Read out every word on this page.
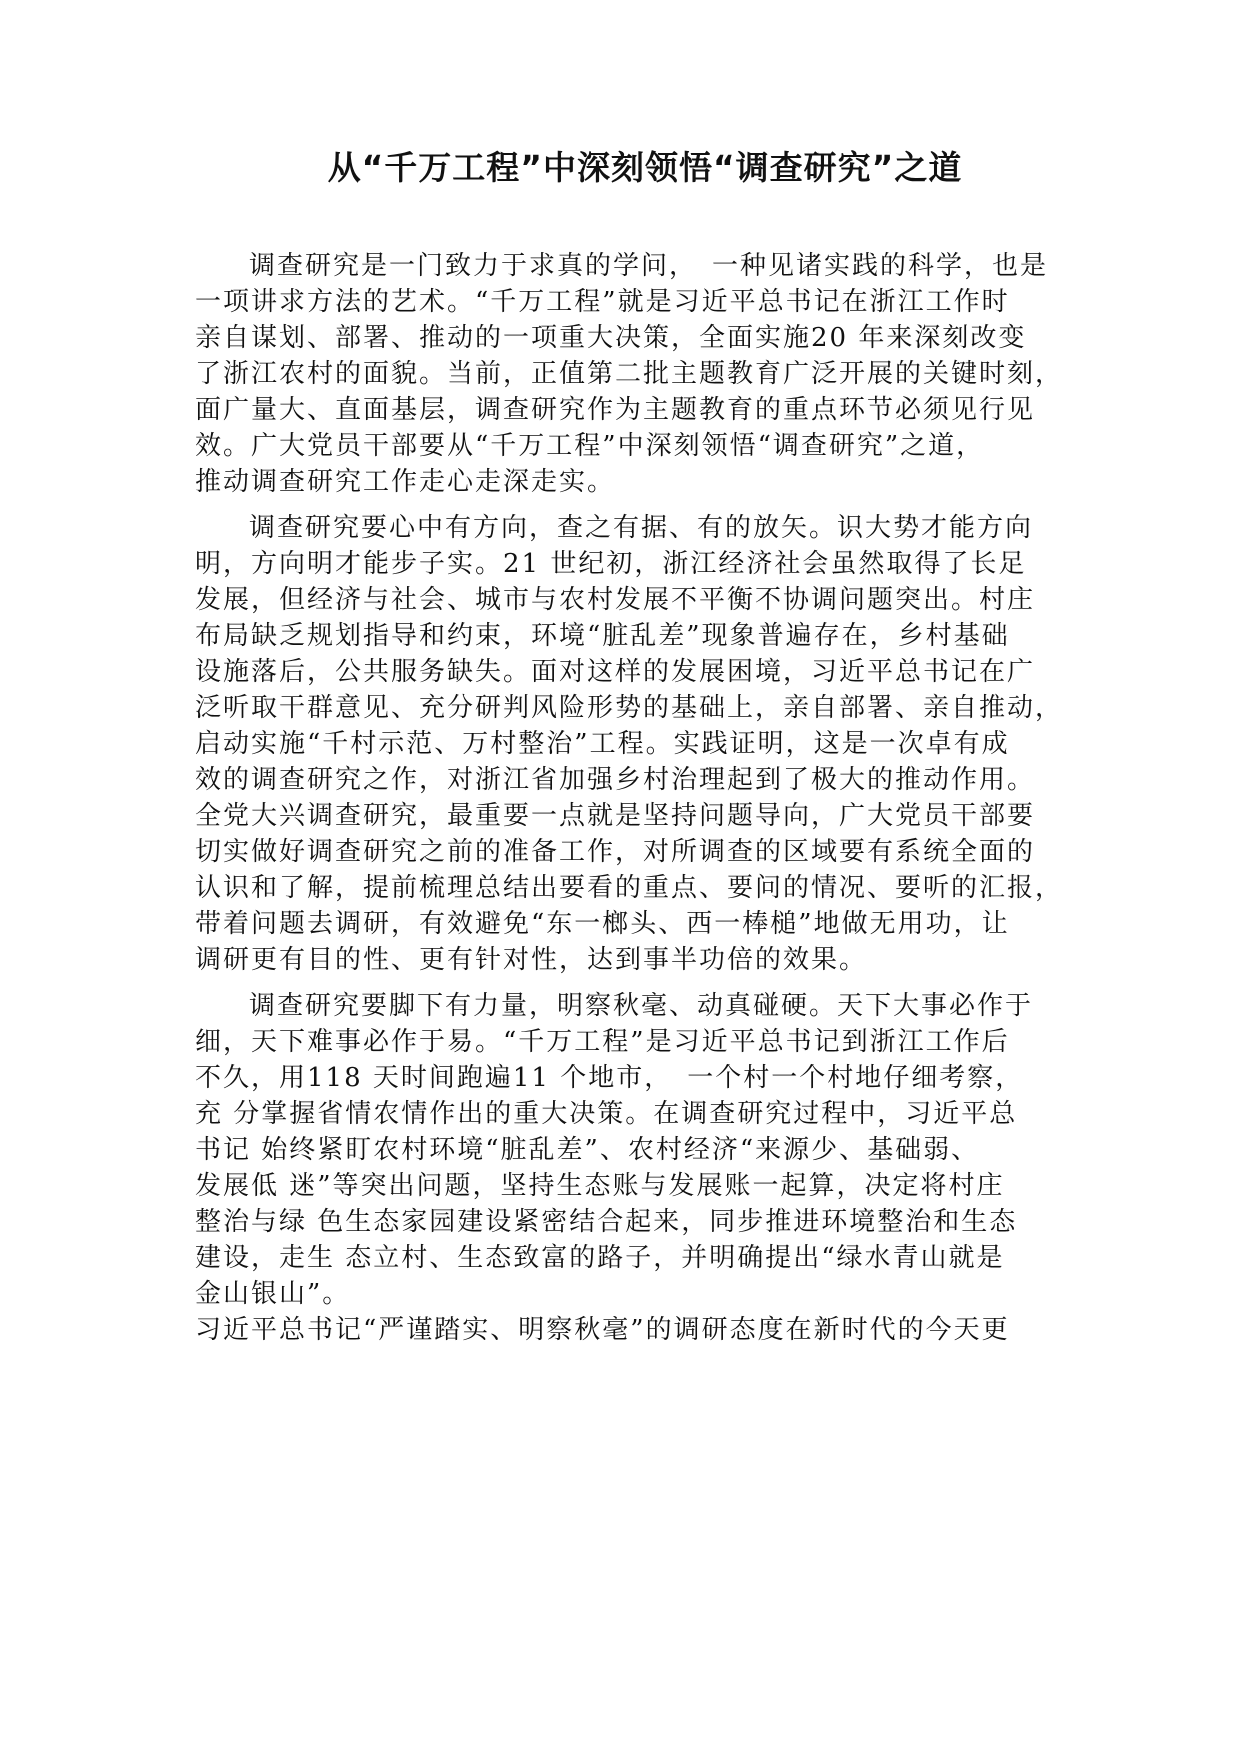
从“千万工程”中深刻领悟“调查研究”之道
调查研究是一门致力于求真的学问，　一种见诸实践的科学，也是
一项讲求方法的艺术。“千万工程”就是习近平总书记在浙江工作时
亲自谋划、部署、推动的一项重大决策，全面实施20 年来深刻改变
了浙江农村的面貌。当前，正值第二批主题教育广泛开展的关键时刻，
面广量大、直面基层，调查研究作为主题教育的重点环节必须见行见
效。广大党员干部要从“千万工程”中深刻领悟“调查研究”之道，
推动调查研究工作走心走深走实。
调查研究要心中有方向，查之有据、有的放矢。识大势才能方向
明，方向明才能步子实。21 世纪初，浙江经济社会虽然取得了长足
发展，但经济与社会、城市与农村发展不平衡不协调问题突出。村庄
布局缺乏规划指导和约束，环境“脏乱差”现象普遍存在，乡村基础
设施落后，公共服务缺失。面对这样的发展困境，习近平总书记在广
泛听取干群意见、充分研判风险形势的基础上，亲自部署、亲自推动，
启动实施“千村示范、万村整治”工程。实践证明，这是一次卓有成
效的调查研究之作，对浙江省加强乡村治理起到了极大的推动作用。
全党大兴调查研究，最重要一点就是坚持问题导向，广大党员干部要
切实做好调查研究之前的准备工作，对所调查的区域要有系统全面的
认识和了解，提前梳理总结出要看的重点、要问的情况、要听的汇报，
带着问题去调研，有效避免“东一榔头、西一棒槌”地做无用功，让
调研更有目的性、更有针对性，达到事半功倍的效果。
调查研究要脚下有力量，明察秋毫、动真碰硬。天下大事必作于
细，天下难事必作于易。“千万工程”是习近平总书记到浙江工作后
不久，用118 天时间跑遍11 个地市，　一个村一个村地仔细考察，
充 分掌握省情农情作出的重大决策。在调查研究过程中，习近平总
书记 始终紧盯农村环境“脏乱差”、农村经济“来源少、基础弱、
发展低 迷”等突出问题，坚持生态账与发展账一起算，决定将村庄
整治与绿 色生态家园建设紧密结合起来，同步推进环境整治和生态
建设，走生 态立村、生态致富的路子，并明确提出“绿水青山就是
金山银山”。
习近平总书记“严谨踏实、明察秋毫”的调研态度在新时代的今天更
